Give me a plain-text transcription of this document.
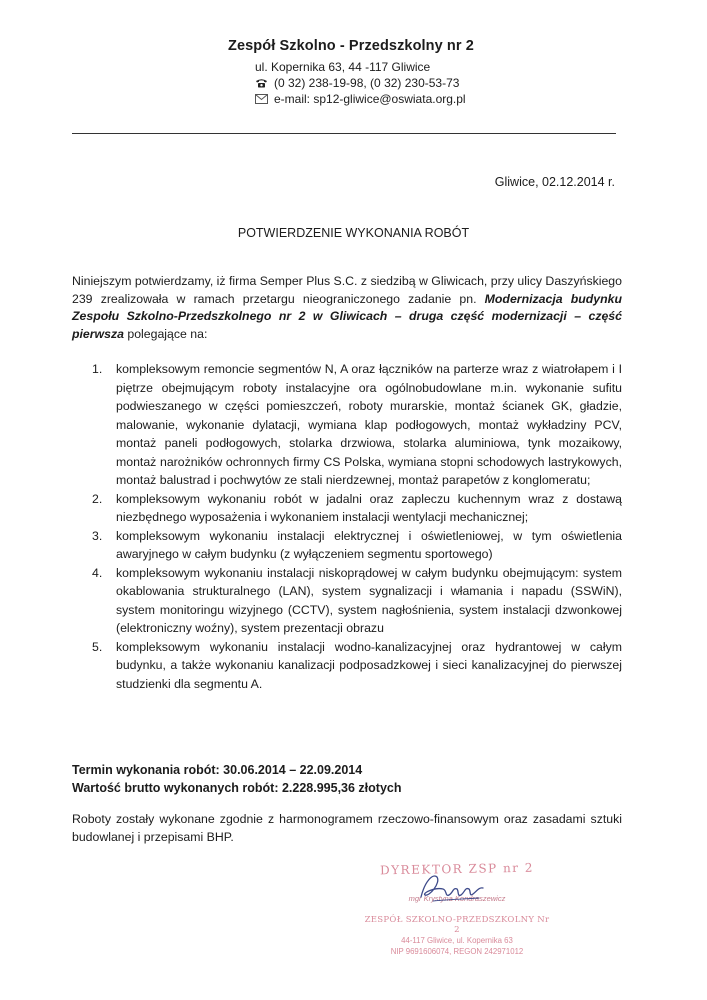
Zespół Szkolno - Przedszkolny nr 2
ul. Kopernika 63, 44 -117 Gliwice
(0 32) 238-19-98, (0 32) 230-53-73
e-mail: sp12-gliwice@oswiata.org.pl
Gliwice, 02.12.2014 r.
POTWIERDZENIE WYKONANIA ROBÓT

Niniejszym potwierdzamy, iż firma Semper Plus S.C. z siedzibą w Gliwicach, przy ulicy Daszyńskiego 239 zrealizowała w ramach przetargu nieograniczonego zadanie pn. Modernizacja budynku Zespołu Szkolno-Przedszkolnego nr 2 w Gliwicach – druga część modernizacji – część pierwsza polegające na:

1. kompleksowym remoncie segmentów N, A oraz łączników na parterze wraz z wiatrołapem i I piętrze obejmującym roboty instalacyjne ora ogólnobudowlane m.in. wykonanie sufitu podwieszanego w części pomieszczeń, roboty murarskie, montaż ścianek GK, gładzie, malowanie, wykonanie dylatacji, wymiana klap podłogowych, montaż wykładziny PCV, montaż paneli podłogowych, stolarka drzwiowa, stolarka aluminiowa, tynk mozaikowy, montaż narożników ochronnych firmy CS Polska, wymiana stopni schodowych lastrykowych, montaż balustrad i pochwytów ze stali nierdzewnej, montaż parapetów z konglomeratu;
2. kompleksowym wykonaniu robót w jadalni oraz zapleczu kuchennym wraz z dostawą niezbędnego wyposażenia i wykonaniem instalacji wentylacji mechanicznej;
3. kompleksowym wykonaniu instalacji elektrycznej i oświetleniowej, w tym oświetlenia awaryjnego w całym budynku (z wyłączeniem segmentu sportowego)
4. kompleksowym wykonaniu instalacji niskoprądowej w całym budynku obejmującym: system okablowania strukturalnego (LAN), system sygnalizacji i włamania i napadu (SSWiN), system monitoringu wizyjnego (CCTV), system nagłośnienia, system instalacji dzwonkowej (elektroniczny woźny), system prezentacji obrazu
5. kompleksowym wykonaniu instalacji wodno-kanalizacyjnej oraz hydrantowej w całym budynku, a także wykonaniu kanalizacji podposadzkowej i sieci kanalizacyjnej do pierwszej studzienki dla segmentu A.
Termin wykonania robót: 30.06.2014 – 22.09.2014
Wartość brutto wykonanych robót: 2.228.995,36 złotych

Roboty zostały wykonane zgodnie z harmonogramem rzeczowo-finansowym oraz zasadami sztuki budowlanej i przepisami BHP.

DYREKTOR ZSP nr 2
mgr Krystyna Kondraszewicz
ZESPÓŁ SZKOLNO-PRZEDSZKOLNY Nr 2
44-117 Gliwice, ul. Kopernika 63
NIP 9691606074, REGON 242971012
